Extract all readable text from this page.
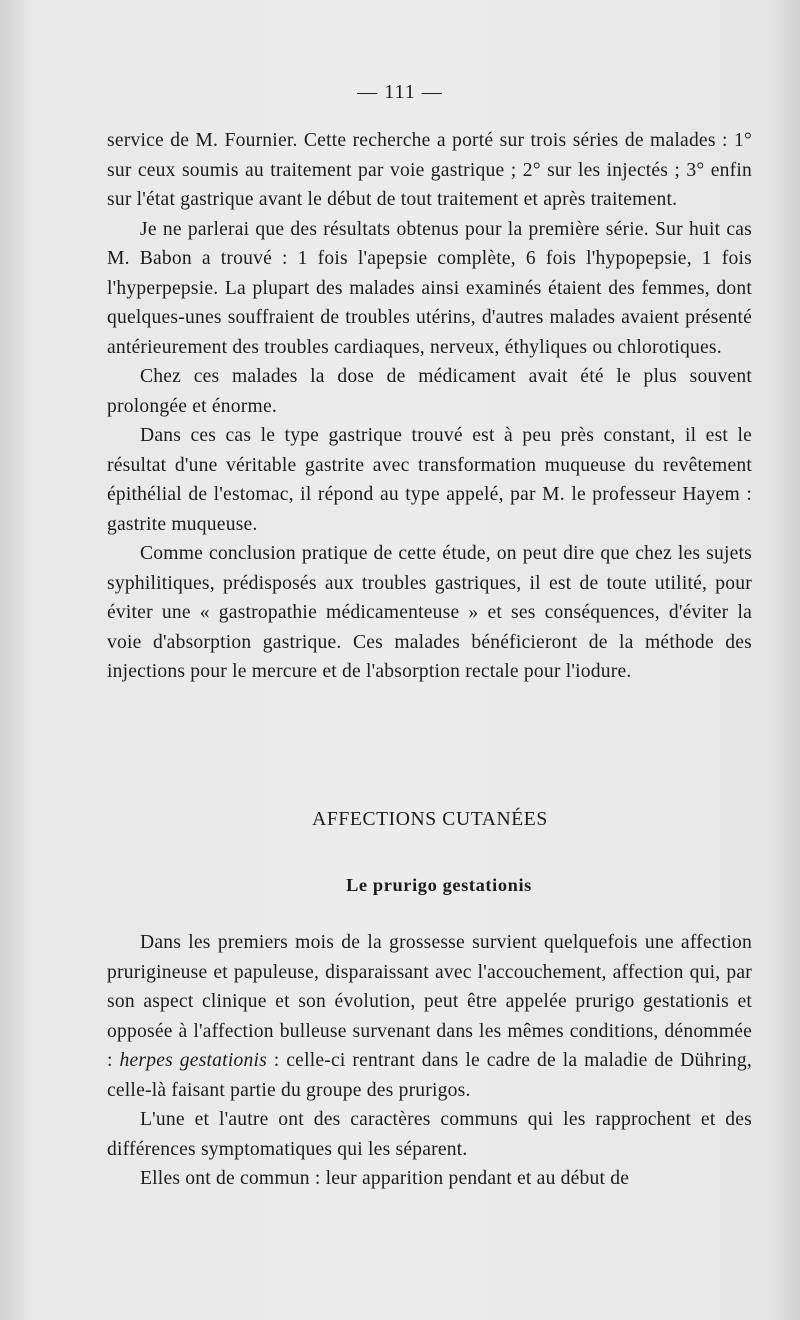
— 111 —

service de M. Fournier. Cette recherche a porté sur trois séries de malades : 1° sur ceux soumis au traitement par voie gastrique ; 2° sur les injectés ; 3° enfin sur l'état gastrique avant le début de tout traitement et après traitement.

Je ne parlerai que des résultats obtenus pour la première série. Sur huit cas M. Babon a trouvé : 1 fois l'apepsie complète, 6 fois l'hypopepsie, 1 fois l'hyperpepsie. La plupart des malades ainsi examinés étaient des femmes, dont quelques-unes souffraient de troubles utérins, d'autres malades avaient présenté antérieurement des troubles cardiaques, nerveux, éthyliques ou chlorotiques.

Chez ces malades la dose de médicament avait été le plus souvent prolongée et énorme.

Dans ces cas le type gastrique trouvé est à peu près constant, il est le résultat d'une véritable gastrite avec transformation muqueuse du revêtement épithélial de l'estomac, il répond au type appelé, par M. le professeur Hayem : gastrite muqueuse.

Comme conclusion pratique de cette étude, on peut dire que chez les sujets syphilitiques, prédisposés aux troubles gastriques, il est de toute utilité, pour éviter une « gastropathie médicamenteuse » et ses conséquences, d'éviter la voie d'absorption gastrique. Ces malades bénéficieront de la méthode des injections pour le mercure et de l'absorption rectale pour l'iodure.

AFFECTIONS CUTANÉES
Le prurigo gestationis

Dans les premiers mois de la grossesse survient quelquefois une affection prurigineuse et papuleuse, disparaissant avec l'accouchement, affection qui, par son aspect clinique et son évolution, peut être appelée prurigo gestationis et opposée à l'affection bulleuse survenant dans les mêmes conditions, dénommée : herpes gestationis : celle-ci rentrant dans le cadre de la maladie de Dühring, celle-là faisant partie du groupe des prurigos.

L'une et l'autre ont des caractères communs qui les rapprochent et des différences symptomatiques qui les séparent.

Elles ont de commun : leur apparition pendant et au début de
